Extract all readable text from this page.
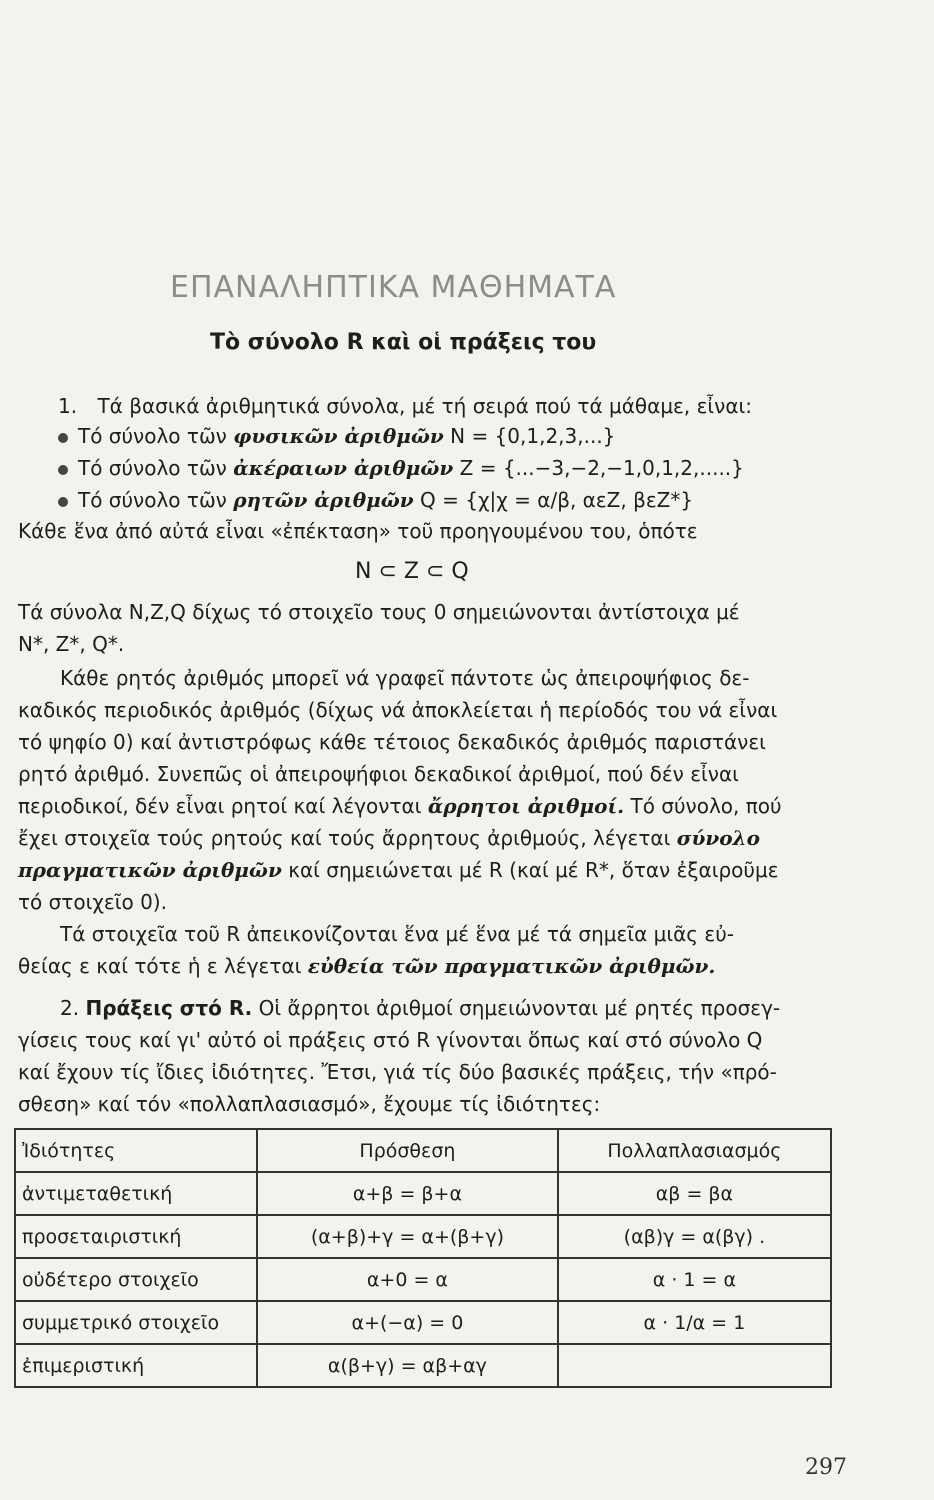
ΕΠΑΝΑΛΗΠΤΙΚΑ ΜΑΘΗΜΑΤΑ
Τὸ σύνολο R καὶ οἱ πράξεις του
1. Τά βασικά ἀριθμητικά σύνολα, μέ τή σειρά πού τά μάθαμε, εἶναι:
Τό σύνολο τῶν φυσικῶν ἀριθμῶν N = {0,1,2,3,...}
Τό σύνολο τῶν ἀκέραιων ἀριθμῶν Z = {...−3,−2,−1,0,1,2,.....}
Τό σύνολο τῶν ρητῶν ἀριθμῶν Q = {χ|χ = α/β, αεZ, βεZ*}
Κάθε ἕνα ἀπό αὐτά εἶναι «ἐπέκταση» τοῦ προηγουμένου του, ὁπότε
N ⊂ Z ⊂ Q
Τά σύνολα N,Z,Q δίχως τό στοιχεῖο τους 0 σημειώνονται ἀντίστοιχα μέ
N*, Z*, Q*.
Κάθε ρητός ἀριθμός μπορεῖ νά γραφεῖ πάντοτε ὡς ἀπειροψήφιος δε-
καδικός περιοδικός ἀριθμός (δίχως νά ἀποκλείεται ἡ περίοδός του νά εἶναι
τό ψηφίο 0) καί ἀντιστρόφως κάθε τέτοιος δεκαδικός ἀριθμός παριστάνει
ρητό ἀριθμό. Συνεπῶς οἱ ἀπειροψήφιοι δεκαδικοί ἀριθμοί, πού δέν εἶναι
περιοδικοί, δέν εἶναι ρητοί καί λέγονται ἄρρητοι ἀριθμοί. Τό σύνολο, πού
ἔχει στοιχεῖα τούς ρητούς καί τούς ἄρρητους ἀριθμούς, λέγεται σύνολο
πραγματικῶν ἀριθμῶν καί σημειώνεται μέ R (καί μέ R*, ὅταν ἐξαιροῦμε
τό στοιχεῖο 0).
Τά στοιχεῖα τοῦ R ἀπεικονίζονται ἕνα μέ ἕνα μέ τά σημεῖα μιᾶς εὐ-
θείας ε καί τότε ἡ ε λέγεται εὐθεία τῶν πραγματικῶν ἀριθμῶν.
2. Πράξεις στό R. Οἱ ἄρρητοι ἀριθμοί σημειώνονται μέ ρητές προσεγ-
γίσεις τους καί γι' αὐτό οἱ πράξεις στό R γίνονται ὅπως καί στό σύνολο Q
καί ἔχουν τίς ἴδιες ἰδιότητες. Ἔτσι, γιά τίς δύο βασικές πράξεις, τήν «πρό-
σθεση» καί τόν «πολλαπλασιασμό», ἔχουμε τίς ἰδιότητες:
Ἰδιότητες	Πρόσθεση	Πολλαπλασιασμός
ἀντιμεταθετική	α+β = β+α	αβ = βα
προσεταιριστική	(α+β)+γ = α+(β+γ)	(αβ)γ = α(βγ) .
οὐδέτερο στοιχεῖο	α+0 = α	α · 1 = α
συμμετρικό στοιχεῖο	α+(−α) = 0	α · 1/α = 1
ἐπιμεριστική	α(β+γ) = αβ+αγ	
297
